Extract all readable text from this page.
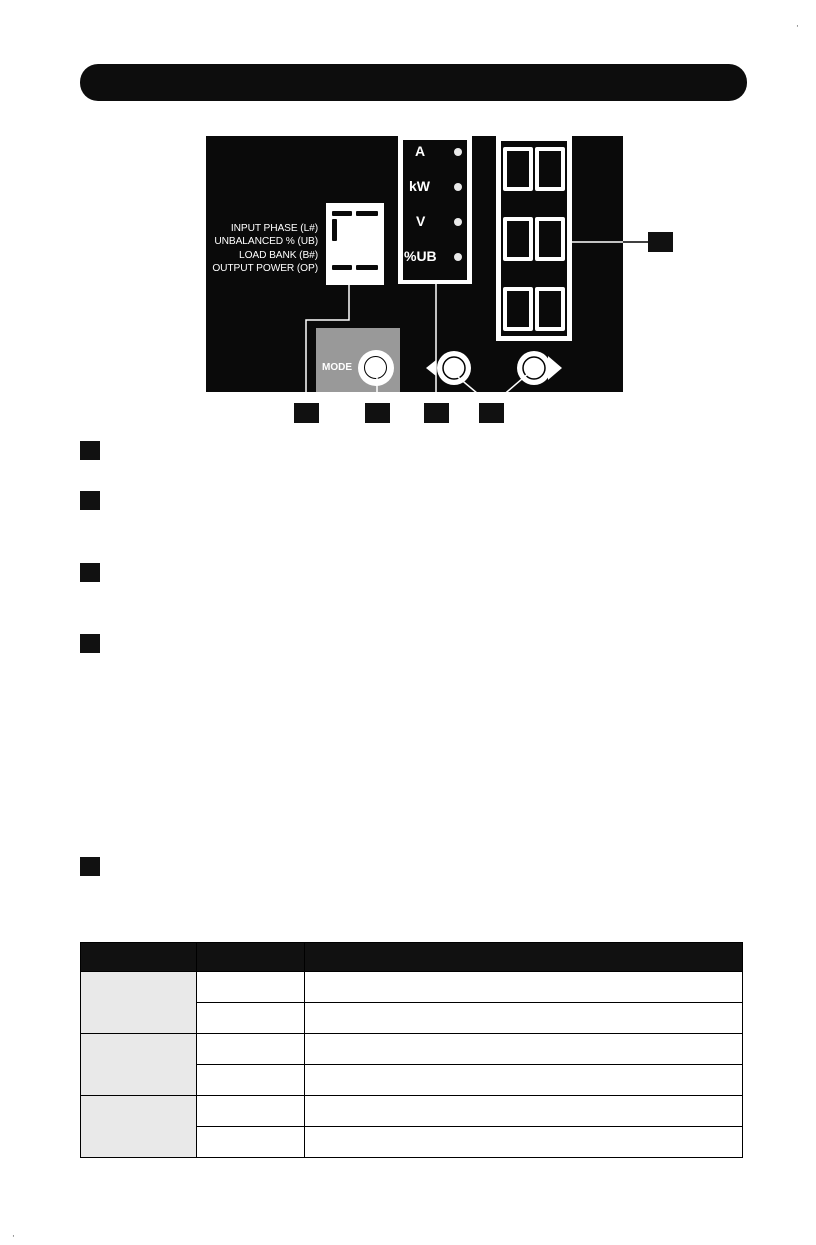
·
·
INPUT PHASE (L#)
UNBALANCED % (UB)
LOAD BANK (B#)
OUTPUT POWER (OP)
A
kW
V
%UB
MODE
